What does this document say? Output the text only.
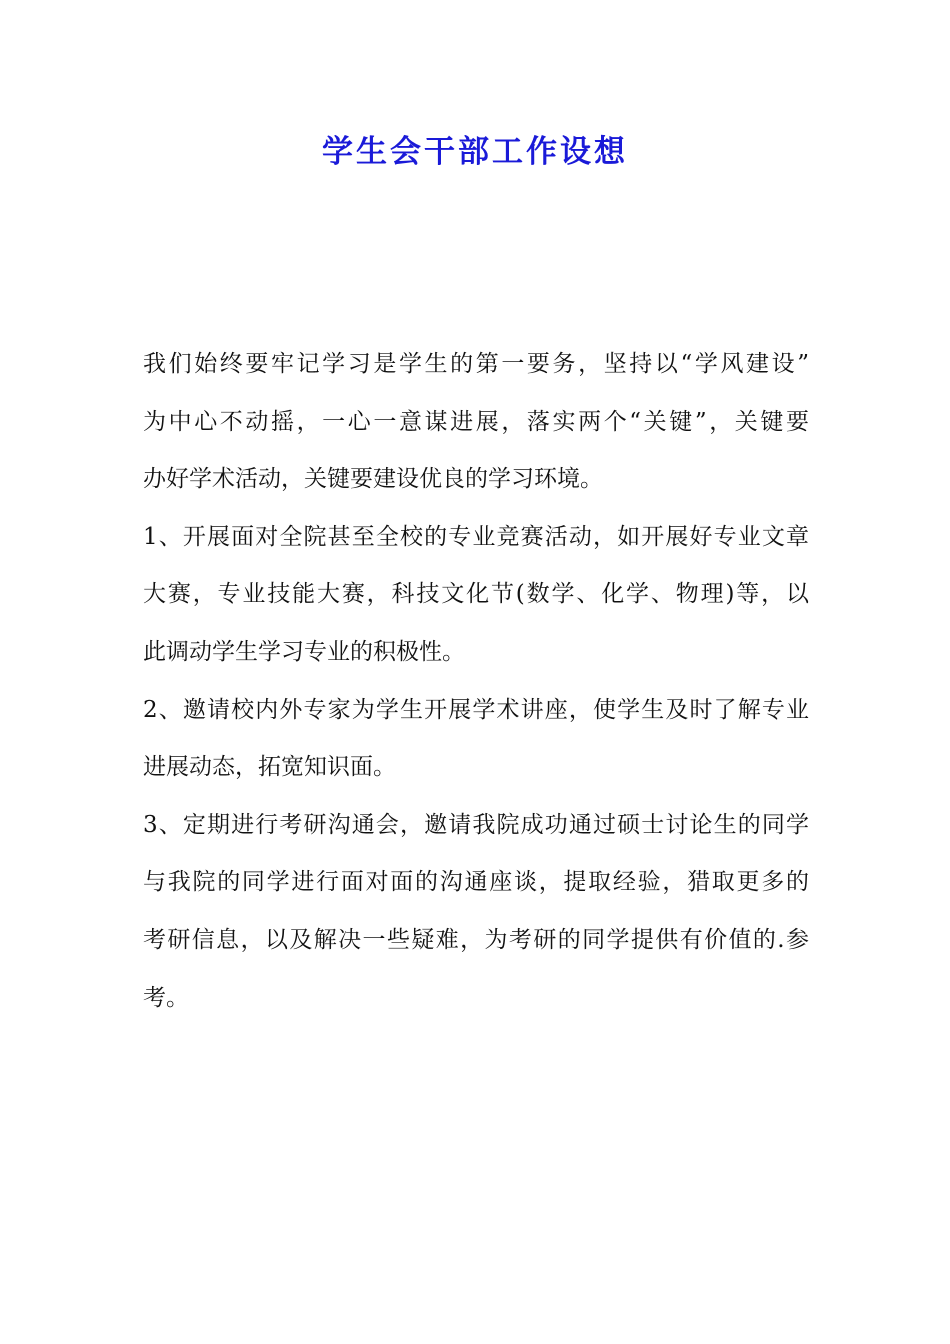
学生会干部工作设想
我们始终要牢记学习是学生的第一要务，坚持以“学风建设”
为中心不动摇，一心一意谋进展，落实两个“关键”，关键要
办好学术活动，关键要建设优良的学习环境。
1、开展面对全院甚至全校的专业竞赛活动，如开展好专业文章
大赛，专业技能大赛，科技文化节(数学、化学、物理)等，以
此调动学生学习专业的积极性。
2、邀请校内外专家为学生开展学术讲座，使学生及时了解专业
进展动态，拓宽知识面。
3、定期进行考研沟通会，邀请我院成功通过硕士讨论生的同学
与我院的同学进行面对面的沟通座谈，提取经验，猎取更多的
考研信息，以及解决一些疑难，为考研的同学提供有价值的.参
考。
